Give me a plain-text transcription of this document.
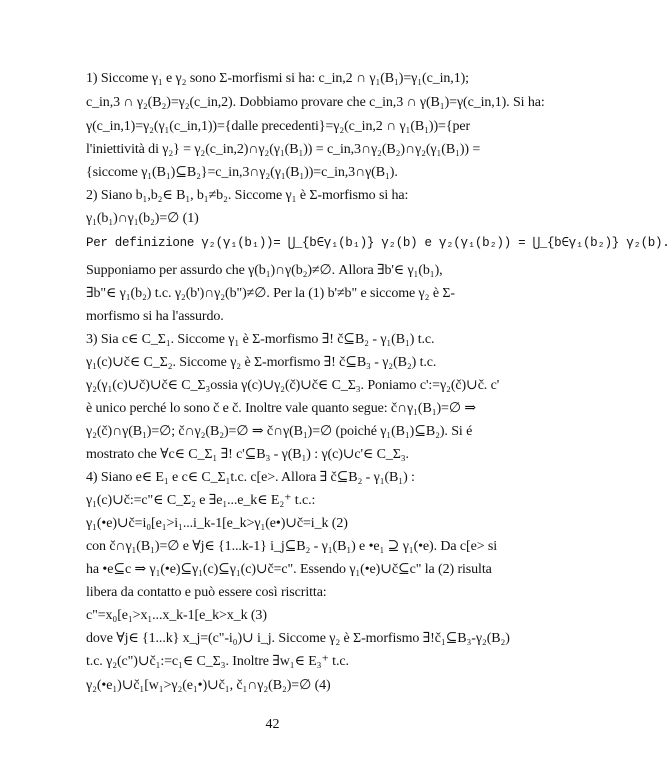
1) Siccome γ₁ e γ₂ sono Σ-morfismi si ha: c_in,2 ∩ γ₁(B₁)=γ₁(c_in,1);
c_in,3 ∩ γ₂(B₂)=γ₂(c_in,2). Dobbiamo provare che c_in,3 ∩ γ(B₁)=γ(c_in,1). Si ha:
γ(c_in,1)=γ₂(γ₁(c_in,1))={dalle precedenti}=γ₂(c_in,2 ∩ γ₁(B₁))={per
l'iniettività di γ₂} = γ₂(c_in,2)∩γ₂(γ₁(B₁)) = c_in,3∩γ₂(B₂)∩γ₂(γ₁(B₁)) =
{siccome γ₁(B₁)⊆B₂}=c_in,3∩γ₂(γ₁(B₁))=c_in,3∩γ(B₁).
2) Siano b₁,b₂∈ B₁, b₁≠b₂. Siccome γ₁ è Σ-morfismo si ha:
γ₁(b₁)∩γ₁(b₂)=∅ (1)
Per definizione γ₂(γ₁(b₁))= ⋃_{b∈γ₁(b₁)} γ₂(b) e γ₂(γ₁(b₂)) = ⋃_{b∈γ₁(b₂)} γ₂(b).
Supponiamo per assurdo che γ(b₁)∩γ(b₂)≠∅. Allora ∃b'∈ γ₁(b₁),
∃b"∈ γ₁(b₂) t.c. γ₂(b')∩γ₂(b")≠∅. Per la (1) b'≠b" e siccome γ₂ è Σ-
morfismo si ha l'assurdo.
3) Sia c∈ C_Σ₁. Siccome γ₁ è Σ-morfismo ∃! č⊆B₂ - γ₁(B₁) t.c.
γ₁(c)∪č∈ C_Σ₂. Siccome γ₂ è Σ-morfismo ∃! č⊆B₃ - γ₂(B₂) t.c.
γ₂(γ₁(c)∪č)∪č∈ C_Σ₃ossia γ(c)∪γ₂(č)∪č∈ C_Σ₃. Poniamo c':=γ₂(č)∪č. c'
è unico perché lo sono č e č. Inoltre vale quanto segue: č∩γ₁(B₁)=∅ ⇒
γ₂(č)∩γ(B₁)=∅; č∩γ₂(B₂)=∅ ⇒ č∩γ(B₁)=∅ (poiché γ₁(B₁)⊆B₂). Si é
mostrato che ∀c∈ C_Σ₁ ∃! c'⊆B₃ - γ(B₁) : γ(c)∪c'∈ C_Σ₃.
4) Siano e∈ E₁ e c∈ C_Σ₁t.c. c[e>. Allora ∃ č⊆B₂ - γ₁(B₁) :
γ₁(c)∪č:=c"∈ C_Σ₂ e ∃e₁...e_k∈ E₂⁺ t.c.:
γ₁(•e)∪č=i₀[e₁>i₁...i_k-1[e_k>γ₁(e•)∪č=i_k (2)
con č∩γ₁(B₁)=∅ e ∀j∈ {1...k-1} i_j⊆B₂ - γ₁(B₁) e •e₁ ⊇ γ₁(•e). Da c[e> si
ha •e⊆c ⇒ γ₁(•e)⊆γ₁(c)⊆γ₁(c)∪č=c". Essendo γ₁(•e)∪č⊆c" la (2) risulta
libera da contatto e può essere così riscritta:
c"=x₀[e₁>x₁...x_k-1[e_k>x_k (3)
dove ∀j∈ {1...k} x_j=(c"-i₀)∪ i_j. Siccome γ₂ è Σ-morfismo ∃!č₁⊆B₃-γ₂(B₂)
t.c. γ₂(c")∪č₁:=c₁∈ C_Σ₃. Inoltre ∃w₁∈ E₃⁺ t.c.
γ₂(•e₁)∪č₁[w₁>γ₂(e₁•)∪č₁, č₁∩γ₂(B₂)=∅ (4)
42
